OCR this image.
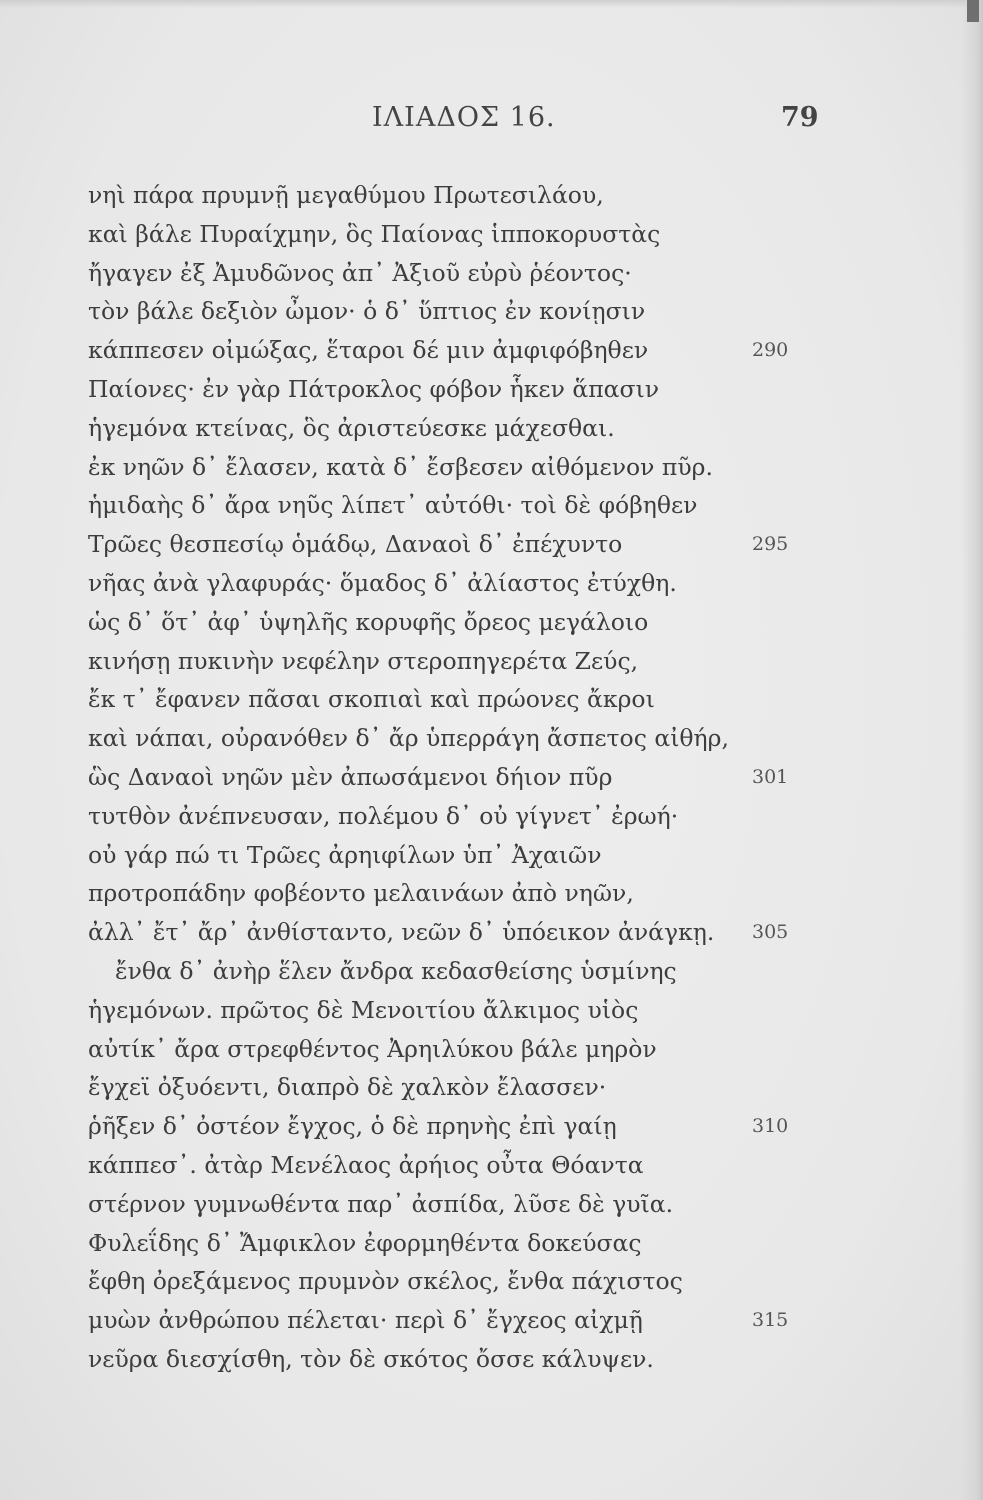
ΙΛΙΑΔΟΣ 16.	79
νηὶ πάρα πρυμνῇ μεγαθύμου Πρωτεσιλάου,
καὶ βάλε Πυραίχμην, ὃς Παίονας ἱπποκορυστὰς
ἤγαγεν ἐξ Ἀμυδῶνος ἀπ᾽ Ἀξιοῦ εὐρὺ ῥέοντος·
τὸν βάλε δεξιὸν ὦμον· ὁ δ᾽ ὕπτιος ἐν κονίῃσιν
κάππεσεν οἰμώξας, ἕταροι δέ μιν ἀμφιφόβηθεν	290
Παίονες· ἐν γὰρ Πάτροκλος φόβον ἧκεν ἅπασιν
ἡγεμόνα κτείνας, ὃς ἀριστεύεσκε μάχεσθαι.
ἐκ νηῶν δ᾽ ἔλασεν, κατὰ δ᾽ ἔσβεσεν αἰθόμενον πῦρ.
ἡμιδαὴς δ᾽ ἄρα νηῦς λίπετ᾽ αὐτόθι· τοὶ δὲ φόβηθεν
Τρῶες θεσπεσίῳ ὁμάδῳ, Δαναοὶ δ᾽ ἐπέχυντο	295
νῆας ἀνὰ γλαφυράς· ὅμαδος δ᾽ ἀλίαστος ἐτύχθη.
ὡς δ᾽ ὅτ᾽ ἀφ᾽ ὑψηλῆς κορυφῆς ὄρεος μεγάλοιο
κινήσῃ πυκινὴν νεφέλην στεροπηγερέτα Ζεύς,
ἔκ τ᾽ ἔφανεν πᾶσαι σκοπιαὶ καὶ πρώονες ἄκροι
καὶ νάπαι, οὐρανόθεν δ᾽ ἄρ ὑπερράγη ἄσπετος αἰθήρ,
ὣς Δαναοὶ νηῶν μὲν ἀπωσάμενοι δήιον πῦρ	301
τυτθὸν ἀνέπνευσαν, πολέμου δ᾽ οὐ γίγνετ᾽ ἐρωή·
οὐ γάρ πώ τι Τρῶες ἀρηιφίλων ὑπ᾽ Ἀχαιῶν
προτροπάδην φοβέοντο μελαινάων ἀπὸ νηῶν,
ἀλλ᾽ ἔτ᾽ ἄρ᾽ ἀνθίσταντο, νεῶν δ᾽ ὑπόεικον ἀνάγκῃ. 305
ἔνθα δ᾽ ἀνὴρ ἕλεν ἄνδρα κεδασθείσης ὑσμίνης
ἡγεμόνων. πρῶτος δὲ Μενοιτίου ἄλκιμος υἱὸς
αὐτίκ᾽ ἄρα στρεφθέντος Ἀρηιλύκου βάλε μηρὸν
ἔγχεϊ ὀξυόεντι, διαπρὸ δὲ χαλκὸν ἔλασσεν·
ῥῆξεν δ᾽ ὀστέον ἔγχος, ὁ δὲ πρηνὴς ἐπὶ γαίῃ	310
κάππεσ᾽. ἀτὰρ Μενέλαος ἀρήιος οὖτα Θόαντα
στέρνον γυμνωθέντα παρ᾽ ἀσπίδα, λῦσε δὲ γυῖα.
Φυλεΐδης δ᾽ Ἄμφικλον ἐφορμηθέντα δοκεύσας
ἔφθη ὀρεξάμενος πρυμνὸν σκέλος, ἔνθα πάχιστος
μυὼν ἀνθρώπου πέλεται· περὶ δ᾽ ἔγχεος αἰχμῇ	315
νεῦρα διεσχίσθη, τὸν δὲ σκότος ὄσσε κάλυψεν.
